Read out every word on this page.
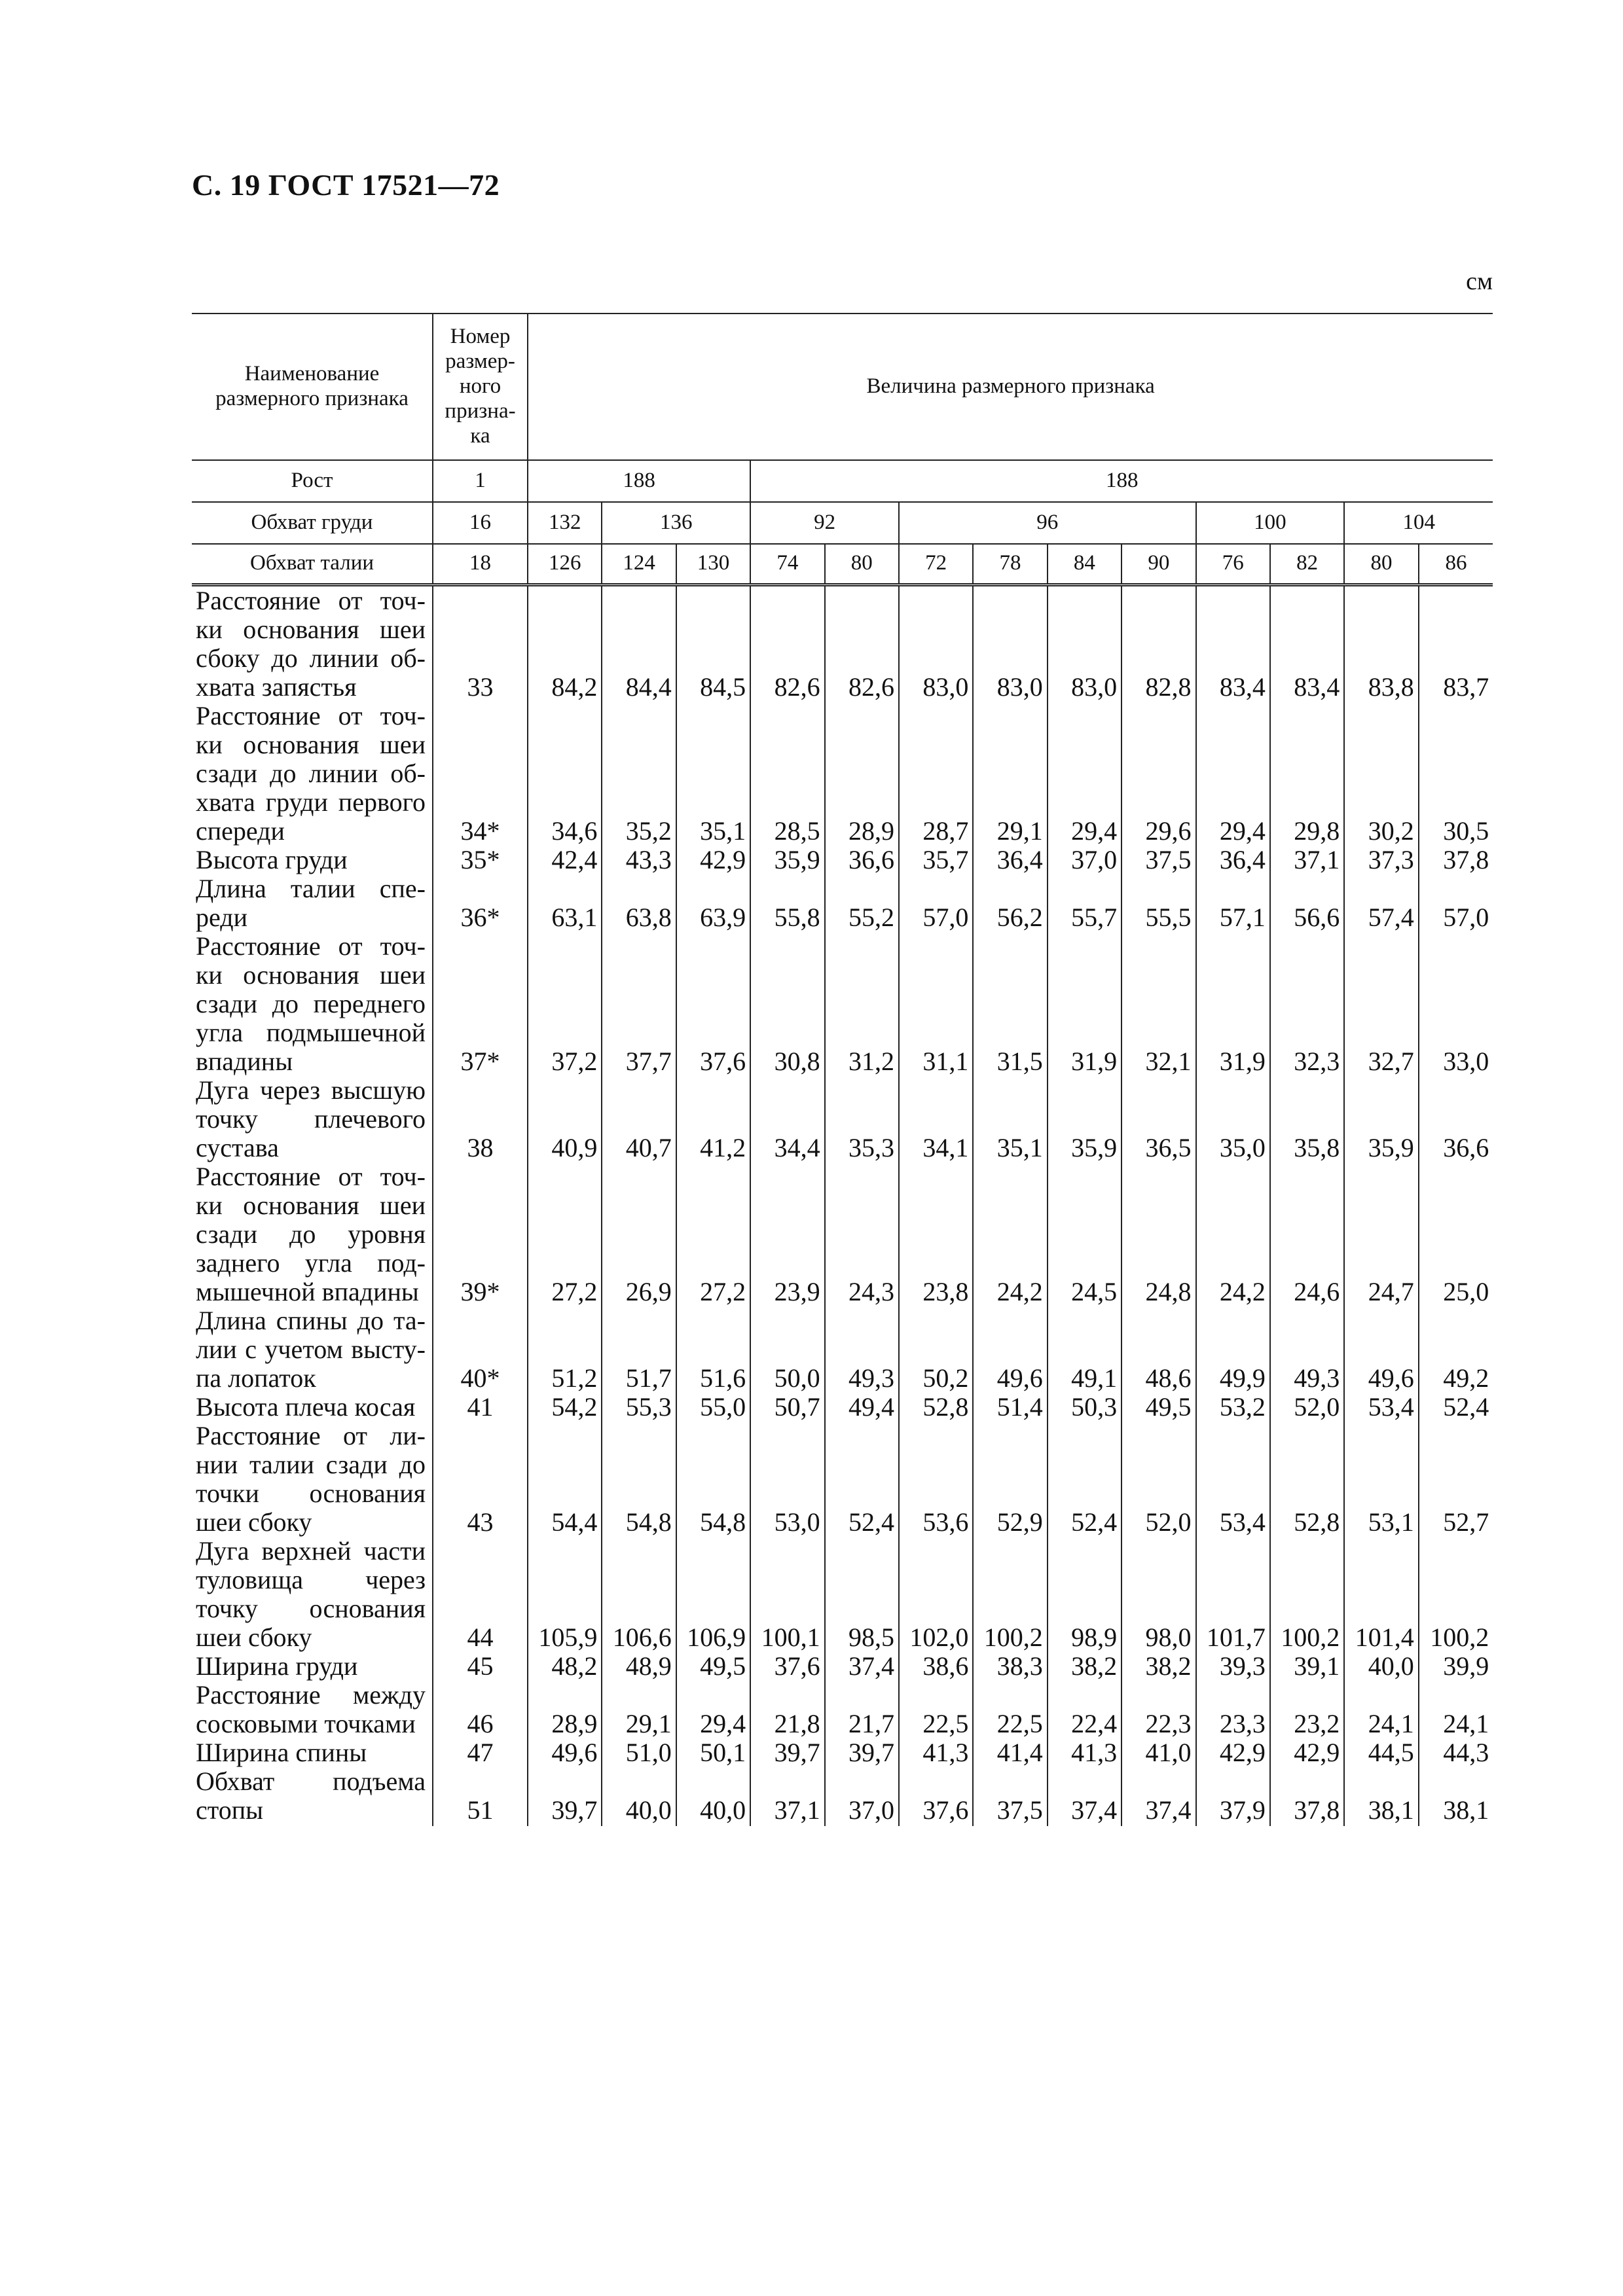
С. 19 ГОСТ 17521—72
см
Наименование размерного признака	Номер размер-ного призна-ка	Величина размерного признака												
Рост	1	188			188									
Обхват груди	16	132	136		92		96				100		104	
Обхват талии	18	126	124	130	74	80	72	78	84	90	76	82	80	86
Расстояние от точ-ки основания шеи сбоку до линии об-хвата запястья	33	84,2	84,4	84,5	82,6	82,6	83,0	83,0	83,0	82,8	83,4	83,4	83,8	83,7
Расстояние от точ-ки основания шеи сзади до линии об-хвата груди первого спереди	34*	34,6	35,2	35,1	28,5	28,9	28,7	29,1	29,4	29,6	29,4	29,8	30,2	30,5
Высота груди	35*	42,4	43,3	42,9	35,9	36,6	35,7	36,4	37,0	37,5	36,4	37,1	37,3	37,8
Длина талии спе-реди	36*	63,1	63,8	63,9	55,8	55,2	57,0	56,2	55,7	55,5	57,1	56,6	57,4	57,0
Расстояние от точ-ки основания шеи сзади до переднего угла подмышечной впадины	37*	37,2	37,7	37,6	30,8	31,2	31,1	31,5	31,9	32,1	31,9	32,3	32,7	33,0
Дуга через высшую точку плечевого сустава	38	40,9	40,7	41,2	34,4	35,3	34,1	35,1	35,9	36,5	35,0	35,8	35,9	36,6
Расстояние от точ-ки основания шеи сзади до уровня заднего угла под-мышечной впадины	39*	27,2	26,9	27,2	23,9	24,3	23,8	24,2	24,5	24,8	24,2	24,6	24,7	25,0
Длина спины до та-лии с учетом высту-па лопаток	40*	51,2	51,7	51,6	50,0	49,3	50,2	49,6	49,1	48,6	49,9	49,3	49,6	49,2
Высота плеча косая	41	54,2	55,3	55,0	50,7	49,4	52,8	51,4	50,3	49,5	53,2	52,0	53,4	52,4
Расстояние от ли-нии талии сзади до точки основания шеи сбоку	43	54,4	54,8	54,8	53,0	52,4	53,6	52,9	52,4	52,0	53,4	52,8	53,1	52,7
Дуга верхней части туловища через точку основания шеи сбоку	44	105,9	106,6	106,9	100,1	98,5	102,0	100,2	98,9	98,0	101,7	100,2	101,4	100,2
Ширина груди	45	48,2	48,9	49,5	37,6	37,4	38,6	38,3	38,2	38,2	39,3	39,1	40,0	39,9
Расстояние между сосковыми точками	46	28,9	29,1	29,4	21,8	21,7	22,5	22,5	22,4	22,3	23,3	23,2	24,1	24,1
Ширина спины	47	49,6	51,0	50,1	39,7	39,7	41,3	41,4	41,3	41,0	42,9	42,9	44,5	44,3
Обхват подъема стопы	51	39,7	40,0	40,0	37,1	37,0	37,6	37,5	37,4	37,4	37,9	37,8	38,1	38,1
